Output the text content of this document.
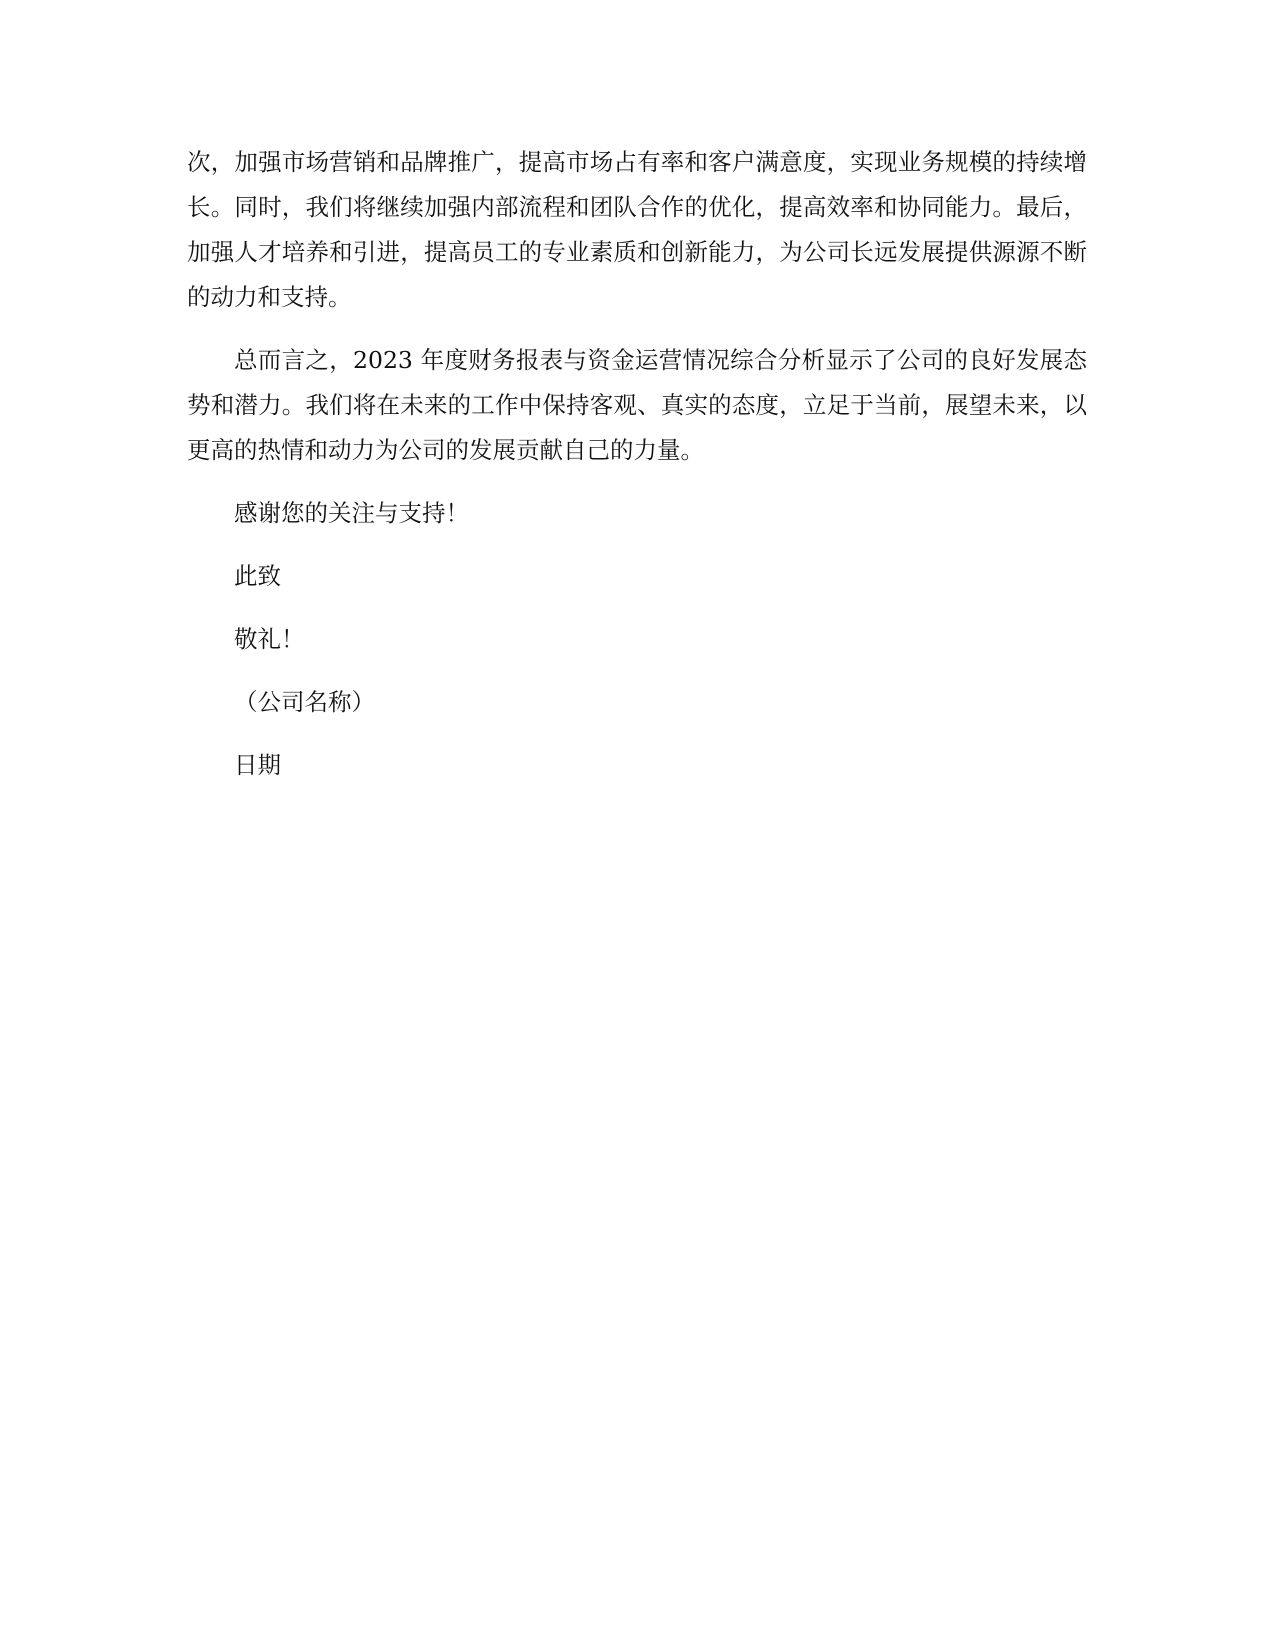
次，加强市场营销和品牌推广，提高市场占有率和客户满意度，实现业务规模的持续增长。同时，我们将继续加强内部流程和团队合作的优化，提高效率和协同能力。最后，加强人才培养和引进，提高员工的专业素质和创新能力，为公司长远发展提供源源不断的动力和支持。

总而言之，2023 年度财务报表与资金运营情况综合分析显示了公司的良好发展态势和潜力。我们将在未来的工作中保持客观、真实的态度，立足于当前，展望未来，以更高的热情和动力为公司的发展贡献自己的力量。

感谢您的关注与支持！

此致

敬礼！

（公司名称）

日期
